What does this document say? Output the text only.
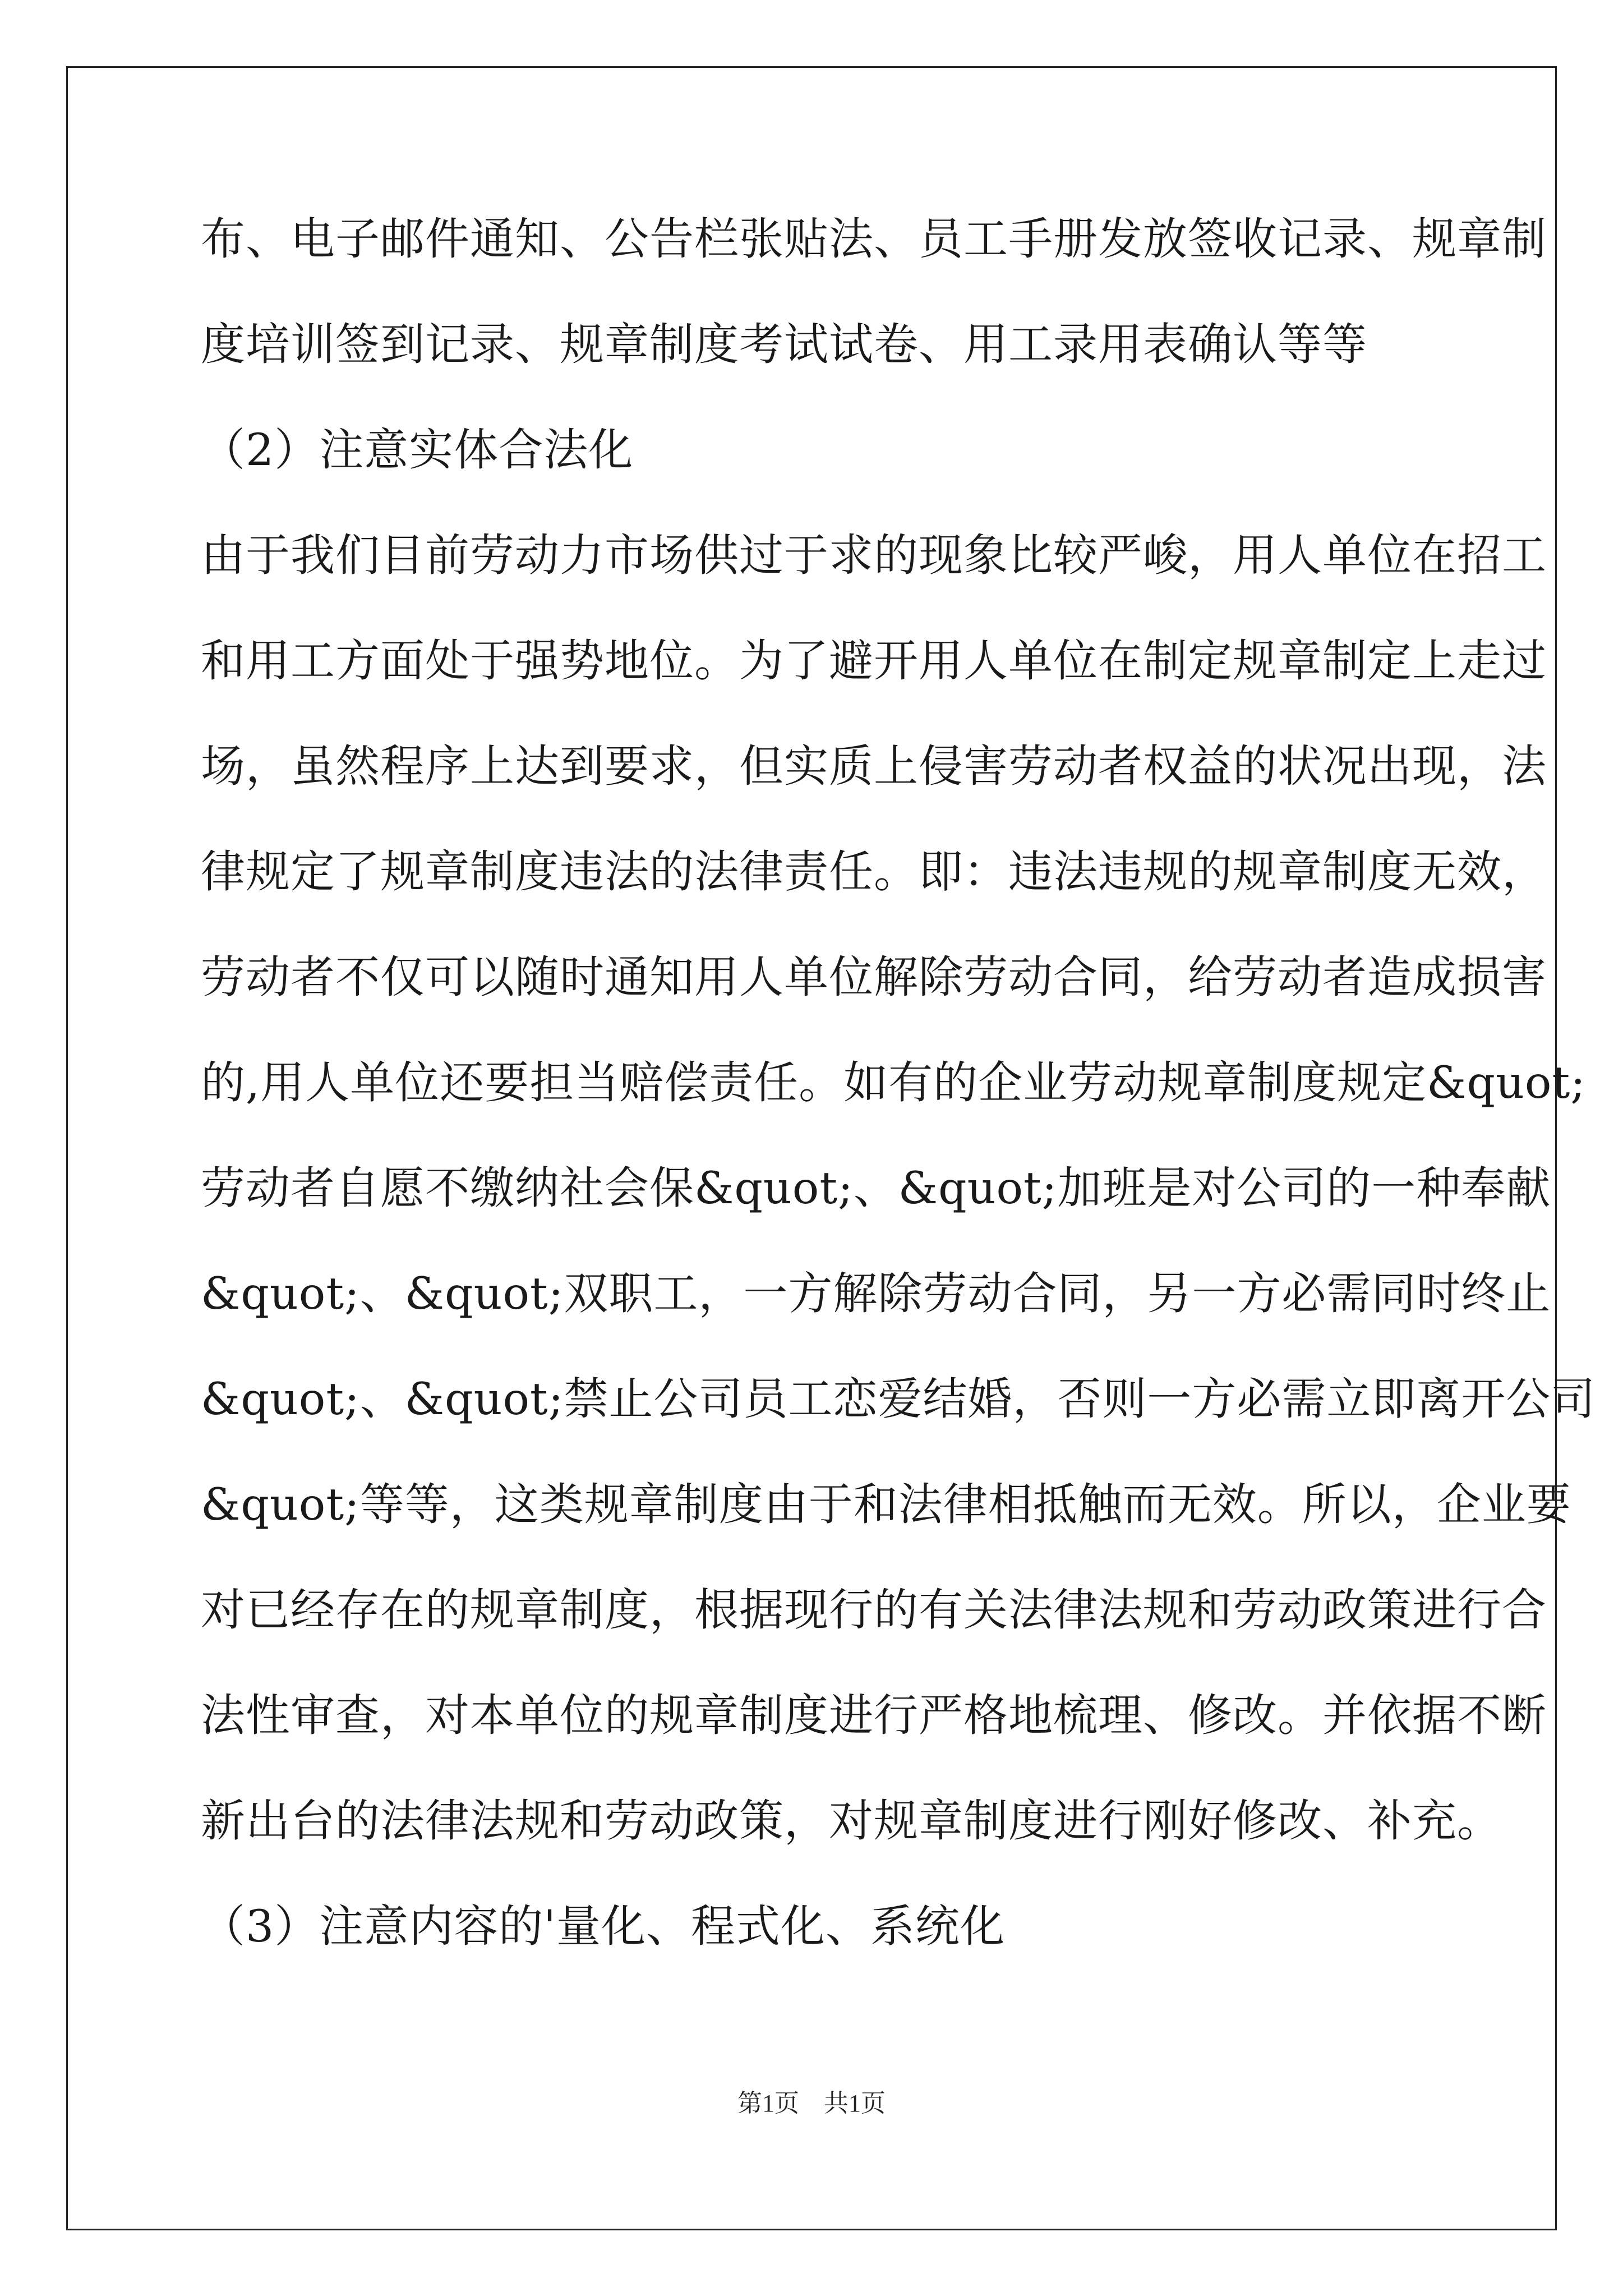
布、电子邮件通知、公告栏张贴法、员工手册发放签收记录、规章制
度培训签到记录、规章制度考试试卷、用工录用表确认等等
（2）注意实体合法化
由于我们目前劳动力市场供过于求的现象比较严峻，用人单位在招工
和用工方面处于强势地位。为了避开用人单位在制定规章制定上走过
场，虽然程序上达到要求，但实质上侵害劳动者权益的状况出现，法
律规定了规章制度违法的法律责任。即：违法违规的规章制度无效，
劳动者不仅可以随时通知用人单位解除劳动合同，给劳动者造成损害
的,用人单位还要担当赔偿责任。如有的企业劳动规章制度规定&quot;
劳动者自愿不缴纳社会保&quot;、&quot;加班是对公司的一种奉献
&quot;、&quot;双职工，一方解除劳动合同，另一方必需同时终止
&quot;、&quot;禁止公司员工恋爱结婚，否则一方必需立即离开公司
&quot;等等，这类规章制度由于和法律相抵触而无效。所以，企业要
对已经存在的规章制度，根据现行的有关法律法规和劳动政策进行合
法性审查，对本单位的规章制度进行严格地梳理、修改。并依据不断
新出台的法律法规和劳动政策，对规章制度进行刚好修改、补充。
（3）注意内容的'量化、程式化、系统化
第1页　共1页
